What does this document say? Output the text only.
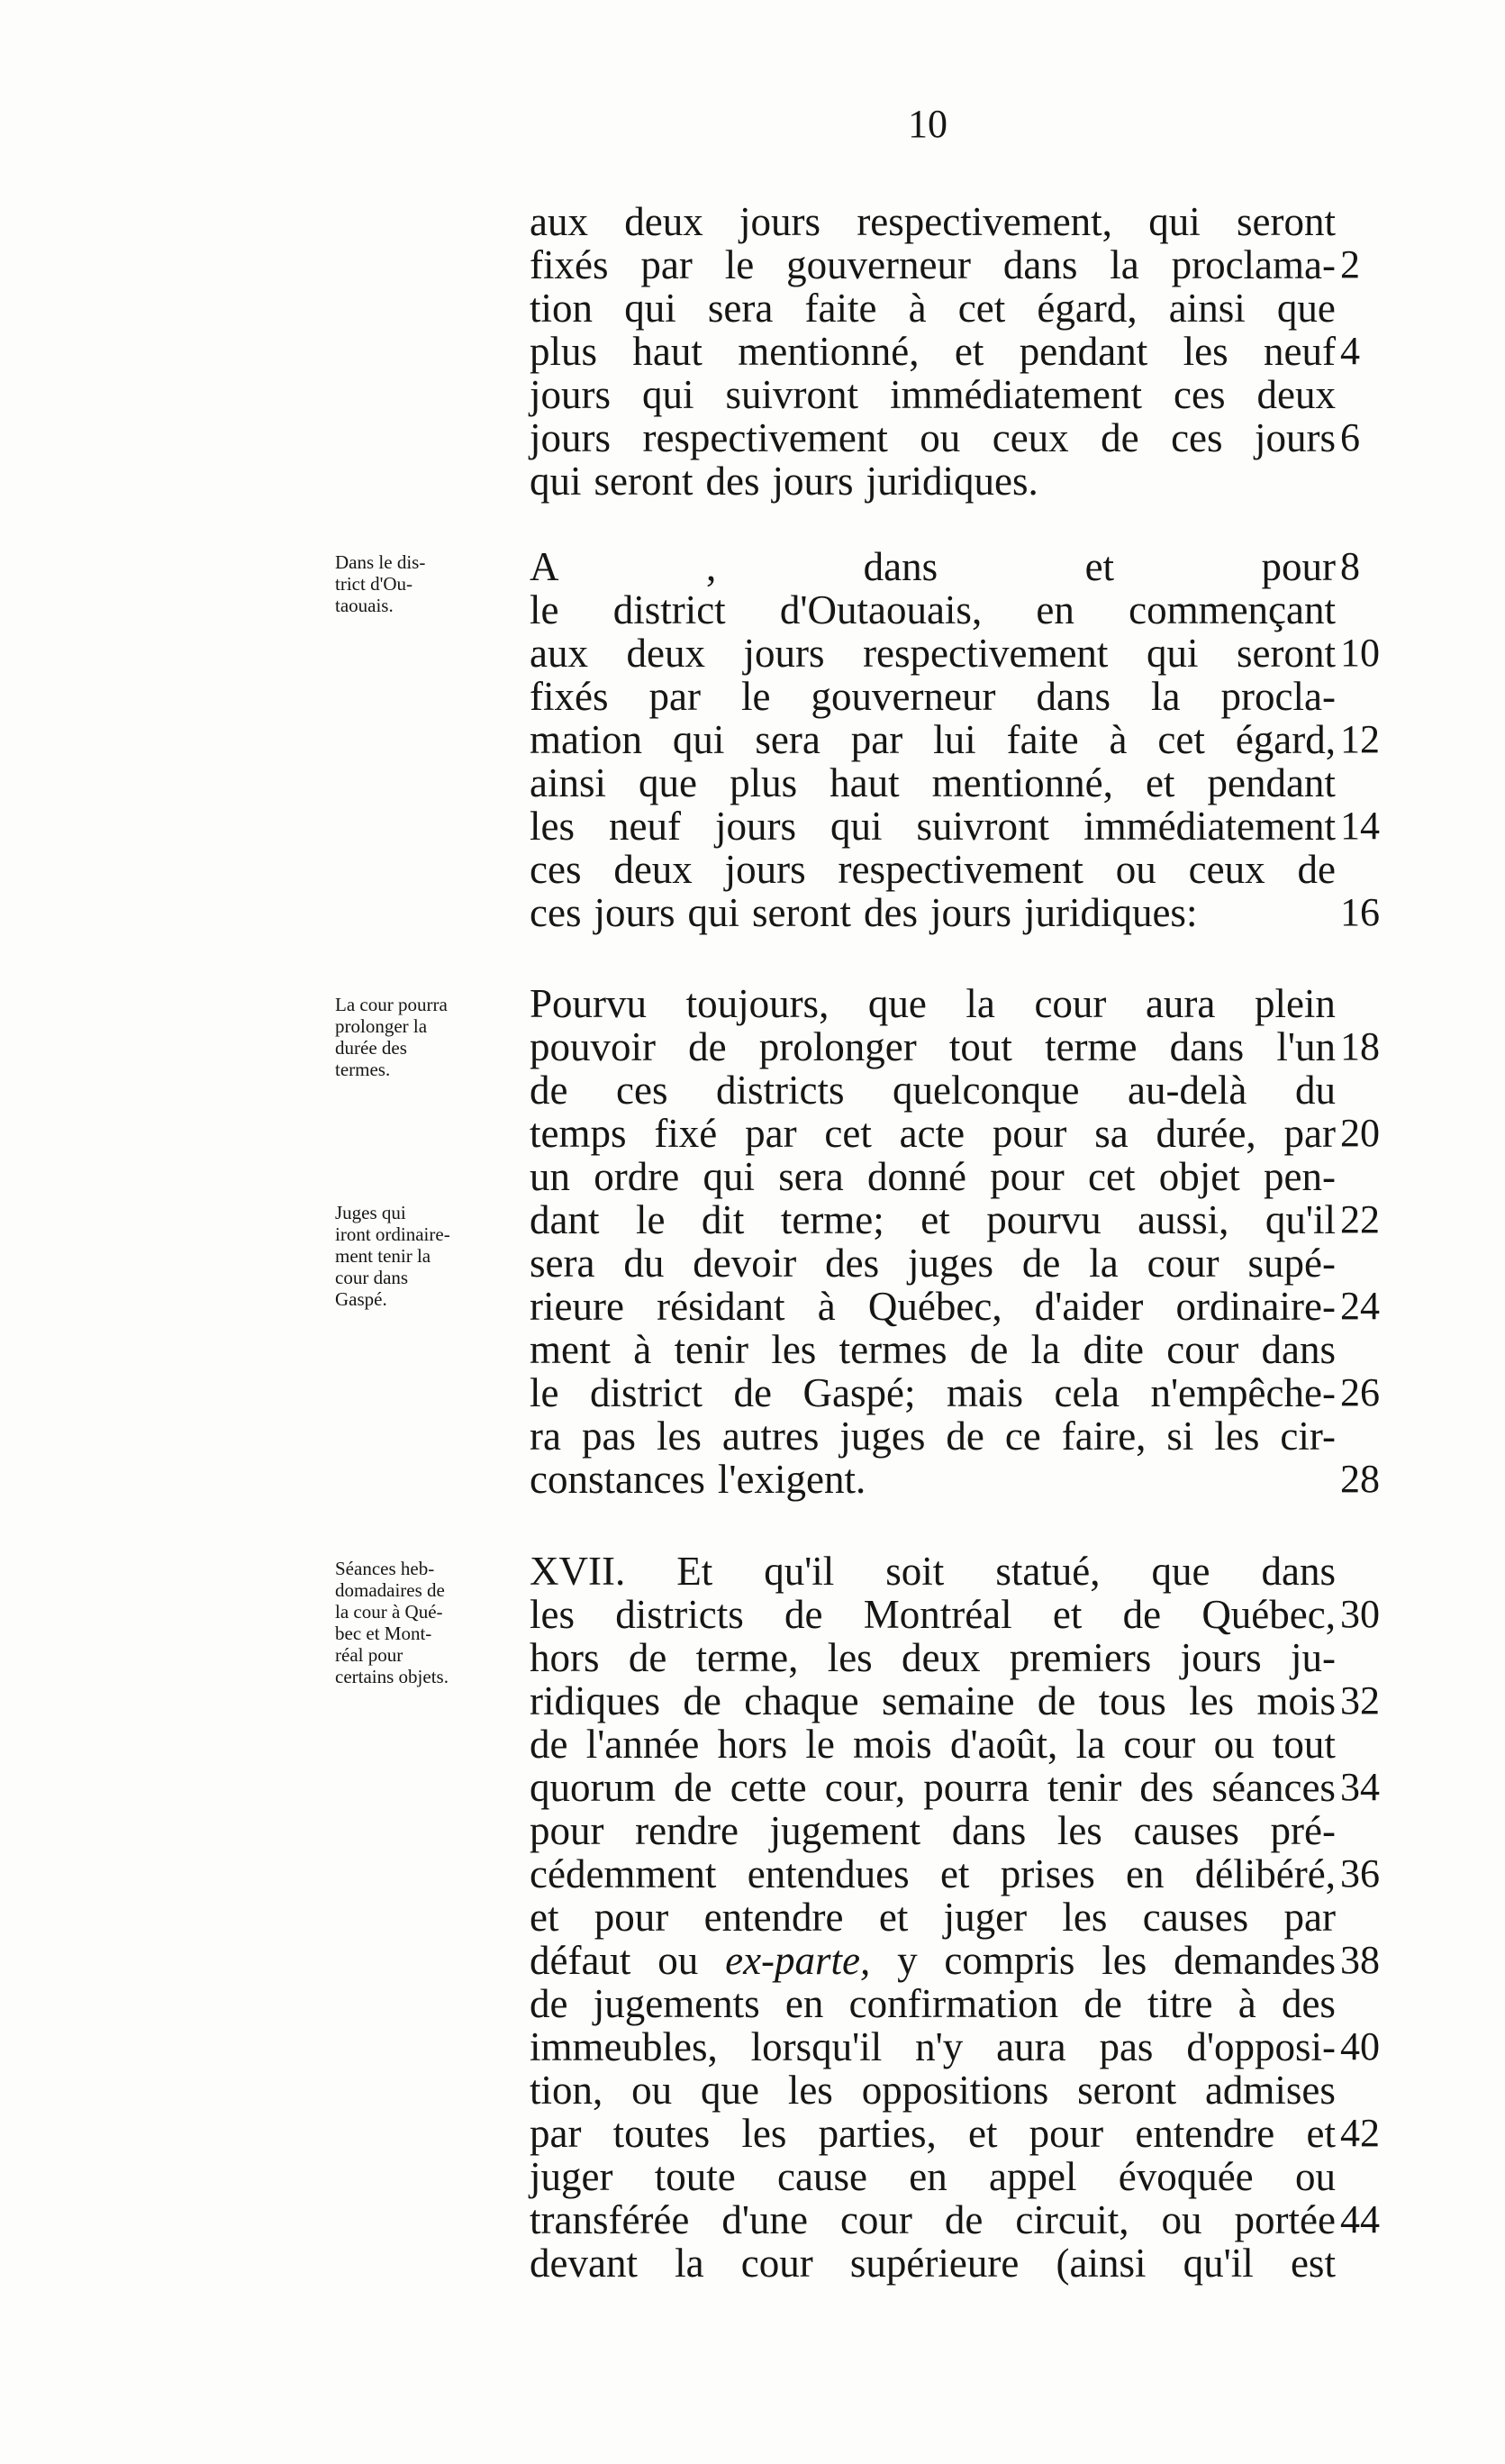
10
Dans le dis-
trict d'Ou-
taouais.
La cour pourra
prolonger la
durée des
termes.
Juges qui
iront ordinaire-
ment tenir la
cour dans
Gaspé.
Séances heb-
domadaires de
la cour à Qué-
bec et Mont-
réal pour
certains objets.
aux deux jours respectivement, qui seront
fixés par le gouverneur dans la proclama-
tion qui sera faite à cet égard, ainsi que
plus haut mentionné, et pendant les neuf
jours qui suivront immédiatement ces deux
jours respectivement ou ceux de ces jours
qui seront des jours juridiques.
A	,	dans	et	pour
le district d'Outaouais, en commençant
aux deux jours respectivement qui seront
fixés par le gouverneur dans la procla-
mation qui sera par lui faite à cet égard,
ainsi que plus haut mentionné, et pendant
les neuf jours qui suivront immédiatement
ces deux jours respectivement ou ceux de
ces jours qui seront des jours juridiques:
Pourvu toujours, que la cour aura plein
pouvoir de prolonger tout terme dans l'un
de ces districts quelconque au-delà du
temps fixé par cet acte pour sa durée, par
un ordre qui sera donné pour cet objet pen-
dant le dit terme; et pourvu aussi, qu'il
sera du devoir des juges de la cour supé-
rieure résidant à Québec, d'aider ordinaire-
ment à tenir les termes de la dite cour dans
le district de Gaspé; mais cela n'empêche-
ra pas les autres juges de ce faire, si les cir-
constances l'exigent.
XVII. Et qu'il soit statué, que dans
les districts de Montréal et de Québec,
hors de terme, les deux premiers jours ju-
ridiques de chaque semaine de tous les mois
de l'année hors le mois d'août, la cour ou tout
quorum de cette cour, pourra tenir des séances
pour rendre jugement dans les causes pré-
cédemment entendues et prises en délibéré,
et pour entendre et juger les causes par
défaut ou ex-parte, y compris les demandes
de jugements en confirmation de titre à des
immeubles, lorsqu'il n'y aura pas d'opposi-
tion, ou que les oppositions seront admises
par toutes les parties, et pour entendre et
juger toute cause en appel évoquée ou
transférée d'une cour de circuit, ou portée
devant la cour supérieure (ainsi qu'il est
2
4
6
8
10
12
14
16
18
20
22
24
26
28
30
32
34
36
38
40
42
44
